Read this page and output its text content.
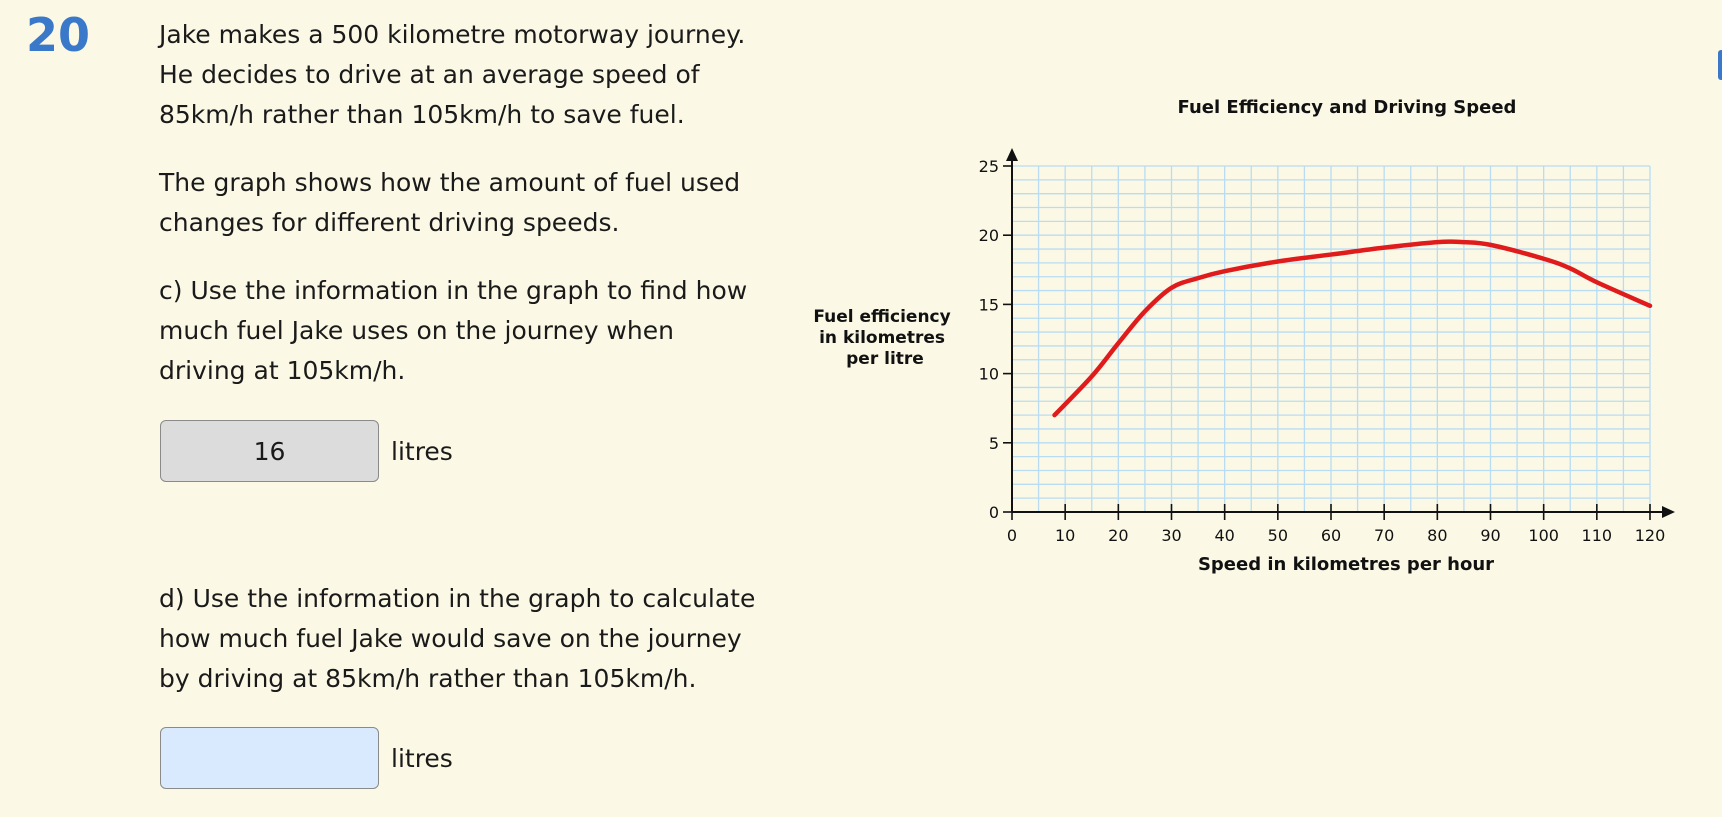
20	Jake makes a 500 kilometre motorway journey.
He decides to drive at an average speed of
85km/h rather than 105km/h to save fuel.
The graph shows how the amount of fuel used
changes for different driving speeds.
c) Use the information in the graph to find how
much fuel Jake uses on the journey when
driving at 105km/h.
16
litres
d) Use the information in the graph to calculate
how much fuel Jake would save on the journey
by driving at 85km/h rather than 105km/h.
litres
Fuel Efficiency and Driving Speed
0 10 20 30 40 50 60 70 80 90 100 110 120
0
5
10
15
20
25
Speed in kilometres per hour
Fuel efficiency in kilometres per litre
